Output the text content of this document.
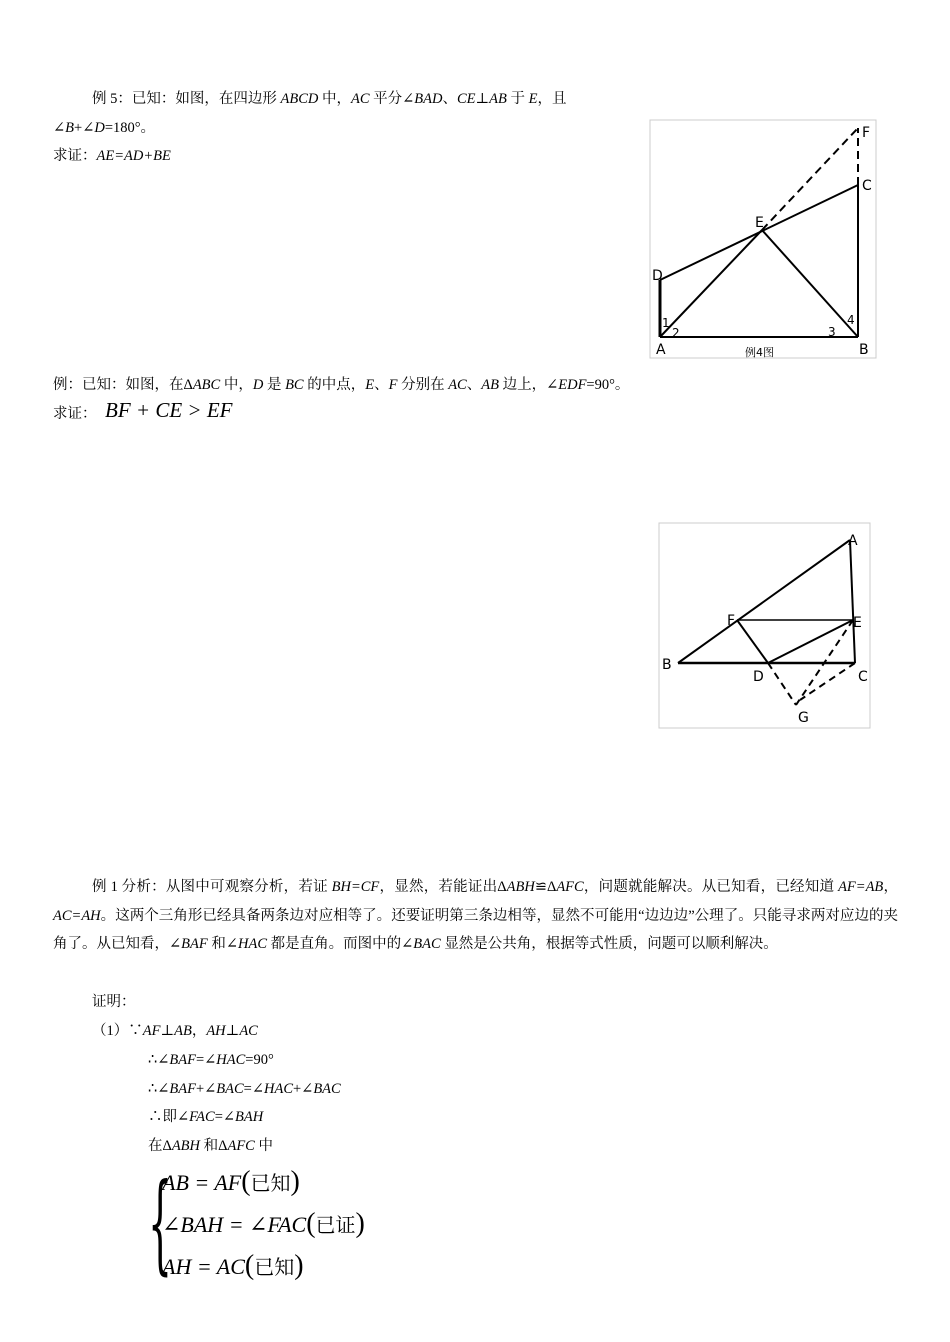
例 5：已知：如图，在四边形 ABCD 中，AC 平分∠BAD、CE⊥AB 于 E，且
∠B+∠D=180°。
求证：AE=AD+BE
F
C
E
D
1
2	3
4
A	B
例4图
例：已知：如图，在ΔABC 中，D 是 BC 的中点，E、F 分别在 AC、AB 边上，∠EDF=90°。
求证： BF + CE > EF
A
F	E
B
D	C
G
例 1 分析：从图中可观察分析，若证 BH=CF，显然，若能证出ΔABH≌ΔAFC，问题就能解决。从已知看，已经知道 AF=AB，AC=AH。这两个三角形已经具备两条边对应相等了。还要证明第三条边相等，显然不可能用“边边边”公理了。只能寻求两对应边的夹角了。从已知看，∠BAF 和∠HAC 都是直角。而图中的∠BAC 显然是公共角，根据等式性质，问题可以顺利解决。
证明：
（1）∵AF⊥AB，AH⊥AC
∴∠BAF=∠HAC=90°
∴∠BAF+∠BAC=∠HAC+∠BAC
∴即∠FAC=∠BAH
在ΔABH 和ΔAFC 中
{
AB = AF(已知)
∠BAH = ∠FAC(已证)
AH = AC(已知)
